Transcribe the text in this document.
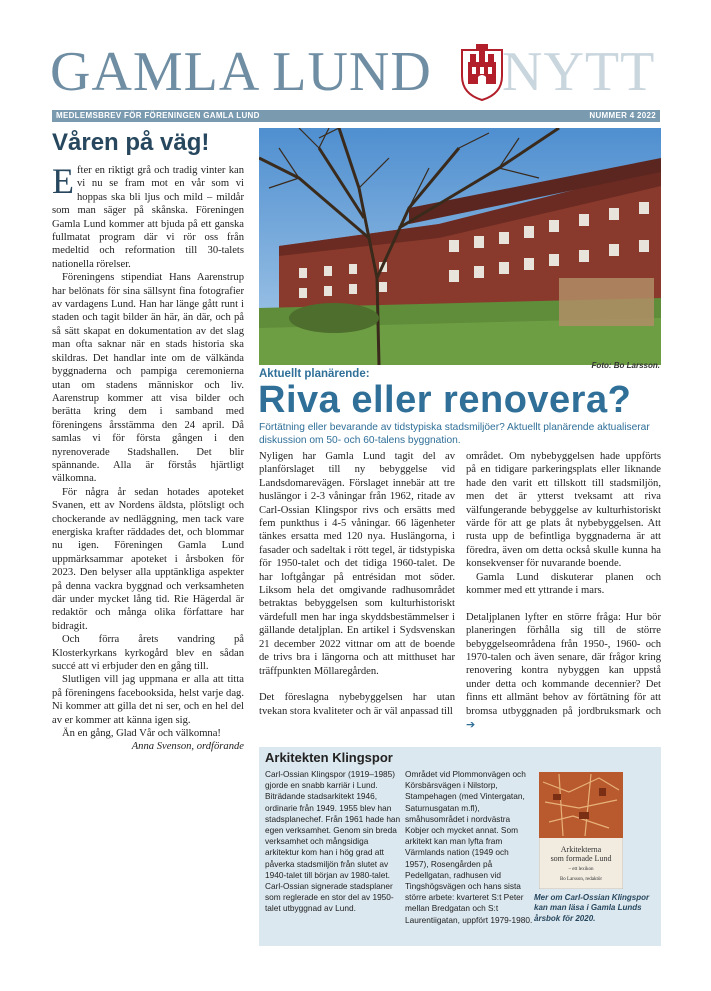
GAMLA LUND NYTT
MEDLEMSBREV FÖR FÖRENINGEN GAMLA LUND	NUMMER 4 2022
Våren på väg!

Efter en riktigt grå och tradig vinter kan vi nu se fram mot en vår som vi hoppas ska bli ljus och mild – mildår som man säger på skånska. Föreningen Gamla Lund kommer att bjuda på ett ganska fullmatat program där vi rör oss från medeltid och reformation till 30-talets nationella rörelser.

Föreningens stipendiat Hans Aarenstrup har belönats för sina sällsynt fina fotografier av vardagens Lund. Han har länge gått runt i staden och tagit bilder än här, än där, och på så sätt skapat en dokumentation av det slag man ofta saknar när en stads historia ska skildras. Det handlar inte om de välkända byggnaderna och pampiga ceremonierna utan om stadens människor och liv. Aarenstrup kommer att visa bilder och berätta kring dem i samband med föreningens årsstämma den 24 april. Då samlas vi för första gången i den nyrenoverade Stadshallen. Det blir spännande. Alla är förstås hjärtligt välkomna.

För några år sedan hotades apoteket Svanen, ett av Nordens äldsta, plötsligt och chockerande av nedläggning, men tack vare energiska krafter räddades det, och blommar nu igen. Föreningen Gamla Lund uppmärksammar apoteket i årsboken för 2023. Den belyser alla upptänkliga aspekter på denna vackra byggnad och verksamheten där under mycket lång tid. Rie Hägerdal är redaktör och många olika författare har bidragit.

Och förra årets vandring på Klosterkyrkans kyrkogård blev en sådan succé att vi erbjuder den en gång till.

Slutligen vill jag uppmana er alla att titta på föreningens facebooksida, helst varje dag. Ni kommer att gilla det ni ser, och en hel del av er kommer att känna igen sig.

Än en gång, Glad Vår och välkomna!

Anna Svenson, ordförande

Foto: Bo Larsson.
Aktuellt planärende:
Riva eller renovera?
Förtätning eller bevarande av tidstypiska stadsmiljöer? Aktuellt planärende aktualiserar diskussion om 50- och 60-talens byggnation.

Nyligen har Gamla Lund tagit del av planförslaget till ny bebyggelse vid Landsdomarevägen. Förslaget innebär att tre huslängor i 2-3 våningar från 1962, ritade av Carl-Ossian Klingspor rivs och ersätts med fem punkthus i 4-5 våningar. 66 lägenheter tänkes ersatta med 120 nya. Huslängorna, i fasader och sadeltak i rött tegel, är tidstypiska för 1950-talet och det tidiga 1960-talet. De har loftgångar på entrésidan mot söder. Liksom hela det omgivande radhusområdet betraktas bebyggelsen som kulturhistoriskt värdefull men har inga skyddsbestämmelser i gällande detaljplan. En artikel i Sydsvenskan 21 december 2022 vittnar om att de boende de trivs bra i längorna och att mitthuset har träffpunkten Möllaregården.

Det föreslagna nybebyggelsen har utan tvekan stora kvaliteter och är väl anpassad till

området. Om nybebyggelsen hade uppförts på en tidigare parkeringsplats eller liknande hade den varit ett tillskott till stadsmiljön, men det är ytterst tveksamt att riva välfungerande bebyggelse av kulturhistoriskt värde för att ge plats åt nybebyggelsen. Att rusta upp de befintliga byggnaderna är att föredra, även om detta också skulle kunna ha konsekvenser för nuvarande boende.

Gamla Lund diskuterar planen och kommer med ett yttrande i mars.

Detaljplanen lyfter en större fråga: Hur bör planeringen förhålla sig till de större bebyggelseområdena från 1950-, 1960- och 1970-talen och även senare, där frågor kring renovering kontra nybyggen kan uppstå under detta och kommande decennier? Det finns ett allmänt behov av förtätning för att bromsa utbyggnaden på jordbruksmark och ➔

Arkitekten Klingspor
Carl-Ossian Klingspor (1919–1985) gjorde en snabb karriär i Lund. Biträdande stadsarkitekt 1946, ordinarie från 1949. 1955 blev han stadsplanechef. Från 1961 hade han egen verksamhet. Genom sin breda verksamhet och mångsidiga arkitektur kom han i hög grad att påverka stadsmiljön från slutet av 1940-talet till början av 1980-talet. Carl-Ossian signerade stadsplaner som reglerade en stor del av 1950-talet utbyggnad av Lund.
Området vid Plommonvägen och Körsbärsvägen i Nilstorp, Stampehagen (med Vintergatan, Saturnusgatan m.fl), småhusområdet i nordvästra Kobjer och mycket annat. Som arkitekt kan man lyfta fram Värmlands nation (1949 och 1957), Rosengården på Pedellgatan, radhusen vid Tingshögsvägen och hans sista större arbete: kvarteret S:t Peter mellan Bredgatan och S:t Laurentiigatan, uppfört 1979-1980.
Arkitekterna
som formade Lund
– ett lexikon
Bo Larsson, redaktör
Mer om Carl-Ossian Klingspor kan man läsa i Gamla Lunds årsbok för 2020.
